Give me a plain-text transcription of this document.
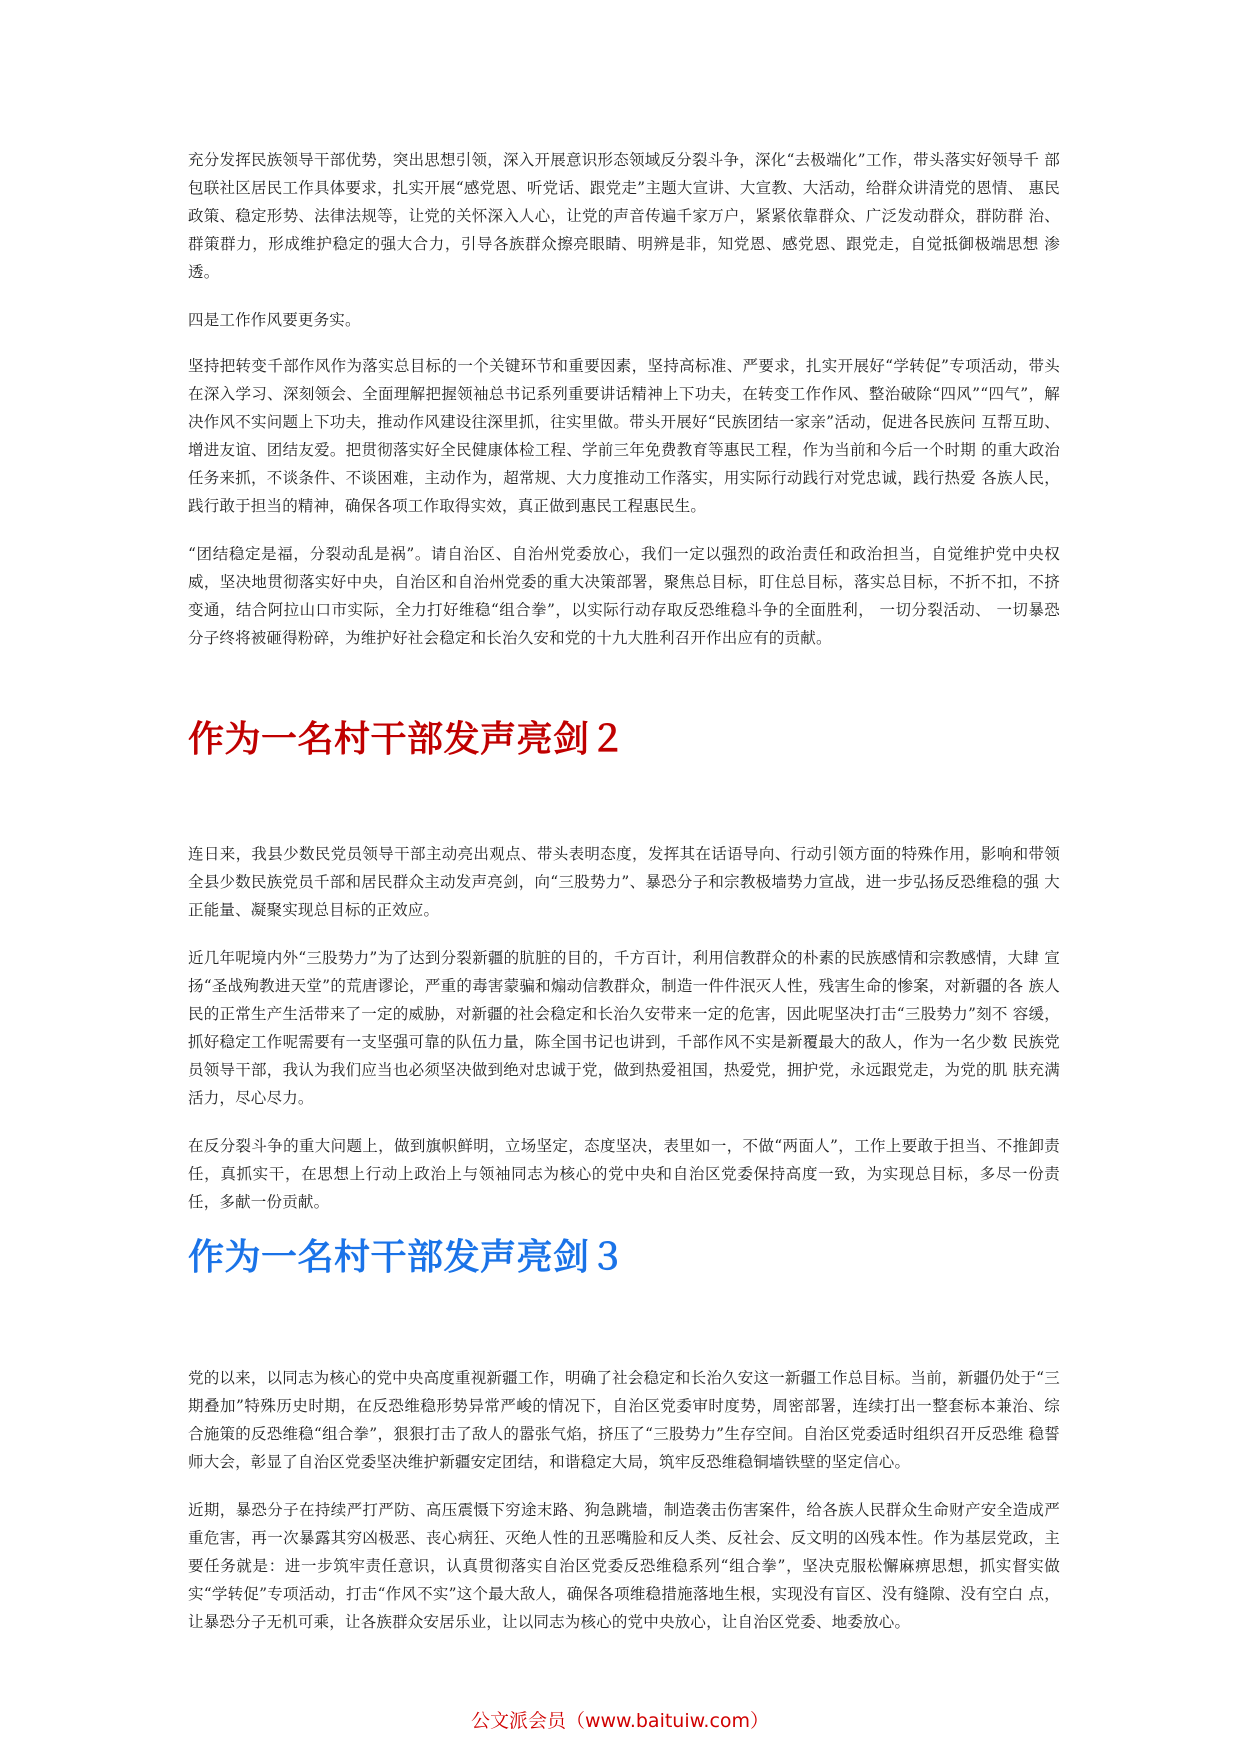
充分发挥民族领导干部优势，突出思想引领，深入开展意识形态领域反分裂斗争，深化“去极端化”工作，带头落实好领导千 部包联社区居民工作具体要求，扎实开展“感党恩、听党话、跟党走”主题大宣讲、大宣教、大活动，给群众讲清党的恩情、 惠民政策、稳定形势、法律法规等，让党的关怀深入人心，让党的声音传遍千家万户，紧紧依靠群众、广泛发动群众，群防群 治、群策群力，形成维护稳定的强大合力，引导各族群众擦亮眼睛、明辨是非，知党恩、感党恩、跟党走，自觉抵御极端思想 渗透。

四是工作作风要更务实。

坚持把转变千部作风作为落实总目标的一个关键环节和重要因素，坚持高标准、严要求，扎实开展好“学转促”专项活动，带头在深入学习、深刻领会、全面理解把握领袖总书记系列重要讲话精神上下功夫，在转变工作作风、整治破除“四风”“四气”，解决作风不实问题上下功夫，推动作风建设往深里抓，往实里做。带头开展好“民族团结一家亲”活动，促进各民族问 互帮互助、增进友谊、团结友爱。把贯彻落实好全民健康体检工程、学前三年免费教育等惠民工程，作为当前和今后一个时期 的重大政治任务来抓，不谈条件、不谈困难，主动作为，超常规、大力度推动工作落实，用实际行动践行对党忠诚，践行热爱 各族人民，践行敢于担当的精神，确保各项工作取得实效，真正做到惠民工程惠民生。

“团结稳定是福，分裂动乱是祸”。请自治区、自治州党委放心，我们一定以强烈的政治责任和政治担当，自觉维护党中央权 威，坚决地贯彻落实好中央，自治区和自治州党委的重大决策部署，聚焦总目标，盯住总目标，落实总目标，不折不扣，不挤 变通，结合阿拉山口市实际，全力打好维稳“组合拳”，以实际行动存取反恐维稳斗争的全面胜利， 一切分裂活动、 一切暴恐 分子终将被砸得粉碎，为维护好社会稳定和长治久安和党的十九大胜利召开作出应有的贡献。

作为一名村干部发声亮剑２

连日来，我县少数民党员领导干部主动亮出观点、带头表明态度，发挥其在话语导向、行动引领方面的特殊作用，影响和带领 全县少数民族党员千部和居民群众主动发声亮剑，向“三股势力”、暴恐分子和宗教极墙势力宣战，进一步弘扬反恐维稳的强 大正能量、凝聚实现总目标的正效应。

近几年呢境内外“三股势力”为了达到分裂新疆的肮脏的目的，千方百计，利用信教群众的朴素的民族感情和宗教感情，大肆 宣扬“圣战殉教进天堂”的荒唐谬论，严重的毒害蒙骗和煽动信教群众，制造一件件泯灭人性，残害生命的惨案，对新疆的各 族人民的正常生产生活带来了一定的威胁，对新疆的社会稳定和长治久安带来一定的危害，因此呢坚决打击“三股势力”刻不 容缓，抓好稳定工作呢需要有一支坚强可靠的队伍力量，陈全国书记也讲到，千部作风不实是新覆最大的敌人，作为一名少数 民族党员领导干部，我认为我们应当也必须坚决做到绝对忠诚于党，做到热爱祖国，热爱党，拥护党，永远跟党走，为党的肌 肤充满活力，尽心尽力。

在反分裂斗争的重大问题上，做到旗帜鲜明，立场坚定，态度坚决，表里如一，不做“两面人”，工作上要敢于担当、不推卸责任，真抓实干，在思想上行动上政治上与领袖同志为核心的党中央和自治区党委保持高度一致，为实现总目标，多尽一份责任，多献一份贡献。

作为一名村干部发声亮剑３

党的以来，以同志为核心的党中央高度重视新疆工作，明确了社会稳定和长治久安这一新疆工作总目标。当前，新疆仍处于“三 期叠加”特殊历史时期，在反恐维稳形势异常严峻的情况下，自治区党委审时度势，周密部署，连续打出一整套标本兼治、综 合施策的反恐维稳“组合拳”，狠狠打击了敌人的嚣张气焰，挤压了“三股势力”生存空间。自治区党委适时组织召开反恐维 稳誓师大会，彰显了自治区党委坚决维护新疆安定团结，和谐稳定大局，筑牢反恐维稳铜墙铁壁的坚定信心。

近期，暴恐分子在持续严打严防、高压震慑下穷途末路、狗急跳墙，制造袭击伤害案件，给各族人民群众生命财产安全造成严重危害，再一次暴露其穷凶极恶、丧心病狂、灭绝人性的丑恶嘴脸和反人类、反社会、反文明的凶残本性。作为基层党政，主要任务就是：进一步筑牢责任意识，认真贯彻落实自治区党委反恐维稳系列“组合拳”，坚决克服松懈麻痹思想，抓实督实做 实“学转促”专项活动，打击“作风不实”这个最大敌人，确保各项维稳措施落地生根，实现没有盲区、没有缝隙、没有空白 点，让暴恐分子无机可乘，让各族群众安居乐业，让以同志为核心的党中央放心，让自治区党委、地委放心。

公文派会员（www.baituiw.com）
